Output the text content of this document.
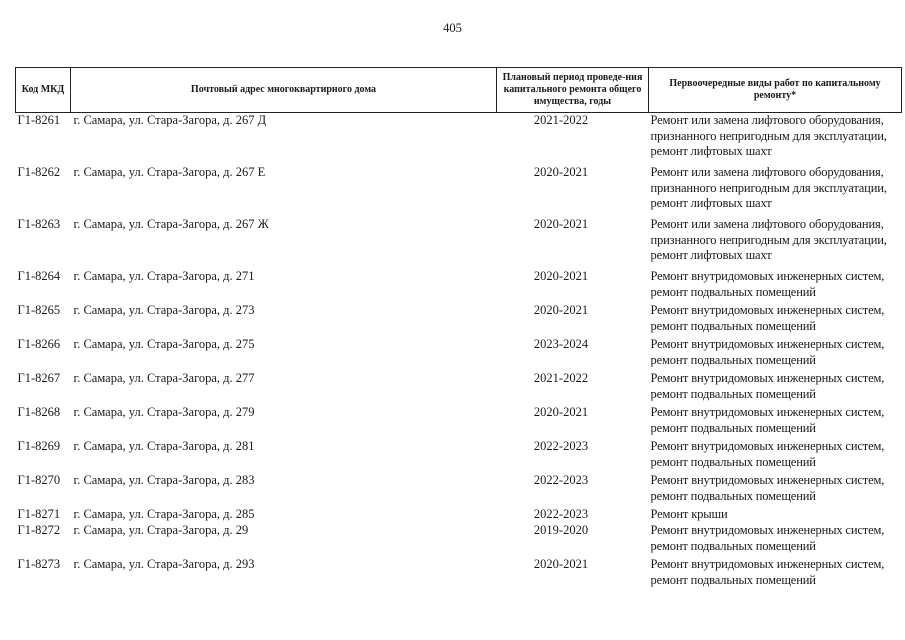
405
Код МКД	Почтовый адрес многоквартирного дома	Плановый период проведе-ния капитального ремонта общего имущества, годы	Первоочередные виды работ по капитальному ремонту*
Г1-8261	г. Самара, ул. Стара-Загора, д. 267 Д	2021-2022	Ремонт или замена лифтового оборудования, признанного непригодным для эксплуатации, ремонт лифтовых шахт
Г1-8262	г. Самара, ул. Стара-Загора, д. 267 Е	2020-2021	Ремонт или замена лифтового оборудования, признанного непригодным для эксплуатации, ремонт лифтовых шахт
Г1-8263	г. Самара, ул. Стара-Загора, д. 267 Ж	2020-2021	Ремонт или замена лифтового оборудования, признанного непригодным для эксплуатации, ремонт лифтовых шахт
Г1-8264	г. Самара, ул. Стара-Загора, д. 271	2020-2021	Ремонт внутридомовых инженерных систем, ремонт подвальных помещений
Г1-8265	г. Самара, ул. Стара-Загора, д. 273	2020-2021	Ремонт внутридомовых инженерных систем, ремонт подвальных помещений
Г1-8266	г. Самара, ул. Стара-Загора, д. 275	2023-2024	Ремонт внутридомовых инженерных систем, ремонт подвальных помещений
Г1-8267	г. Самара, ул. Стара-Загора, д. 277	2021-2022	Ремонт внутридомовых инженерных систем, ремонт подвальных помещений
Г1-8268	г. Самара, ул. Стара-Загора, д. 279	2020-2021	Ремонт внутридомовых инженерных систем, ремонт подвальных помещений
Г1-8269	г. Самара, ул. Стара-Загора, д. 281	2022-2023	Ремонт внутридомовых инженерных систем, ремонт подвальных помещений
Г1-8270	г. Самара, ул. Стара-Загора, д. 283	2022-2023	Ремонт внутридомовых инженерных систем, ремонт подвальных помещений
Г1-8271	г. Самара, ул. Стара-Загора, д. 285	2022-2023	Ремонт крыши
Г1-8272	г. Самара, ул. Стара-Загора, д. 29	2019-2020	Ремонт внутридомовых инженерных систем, ремонт подвальных помещений
Г1-8273	г. Самара, ул. Стара-Загора, д. 293	2020-2021	Ремонт внутридомовых инженерных систем, ремонт подвальных помещений
